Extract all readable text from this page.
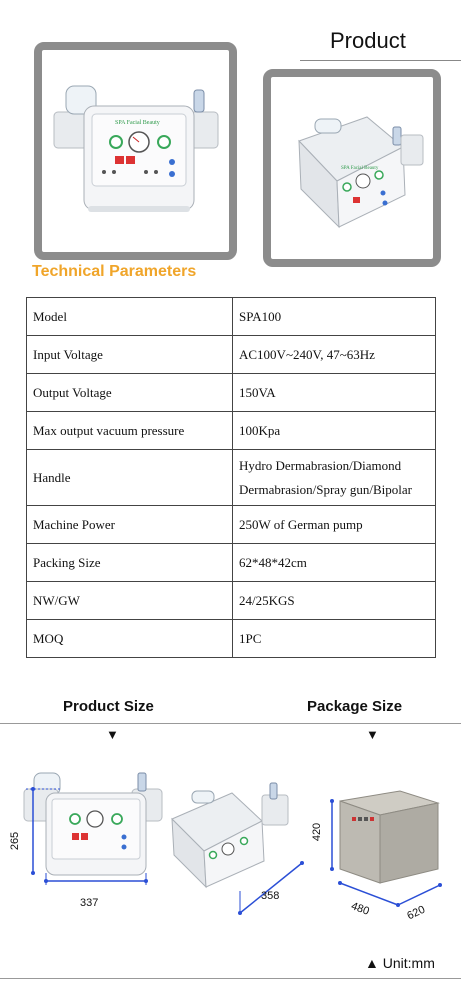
Product
SPA Facial Beauty
SPA Facial Beauty
Technical Parameters
Model	SPA100
Input Voltage	AC100V~240V, 47~63Hz
Output Voltage	150VA
Max output vacuum pressure	100Kpa
Handle	Hydro Dermabrasion/Diamond Dermabrasion/Spray gun/Bipolar
Machine Power	250W of German pump
Packing Size	62*48*42cm
NW/GW	24/25KGS
MOQ	1PC
Product Size	Package Size
▼	▼
265
337
358
420
480	620
▲ Unit:mm
